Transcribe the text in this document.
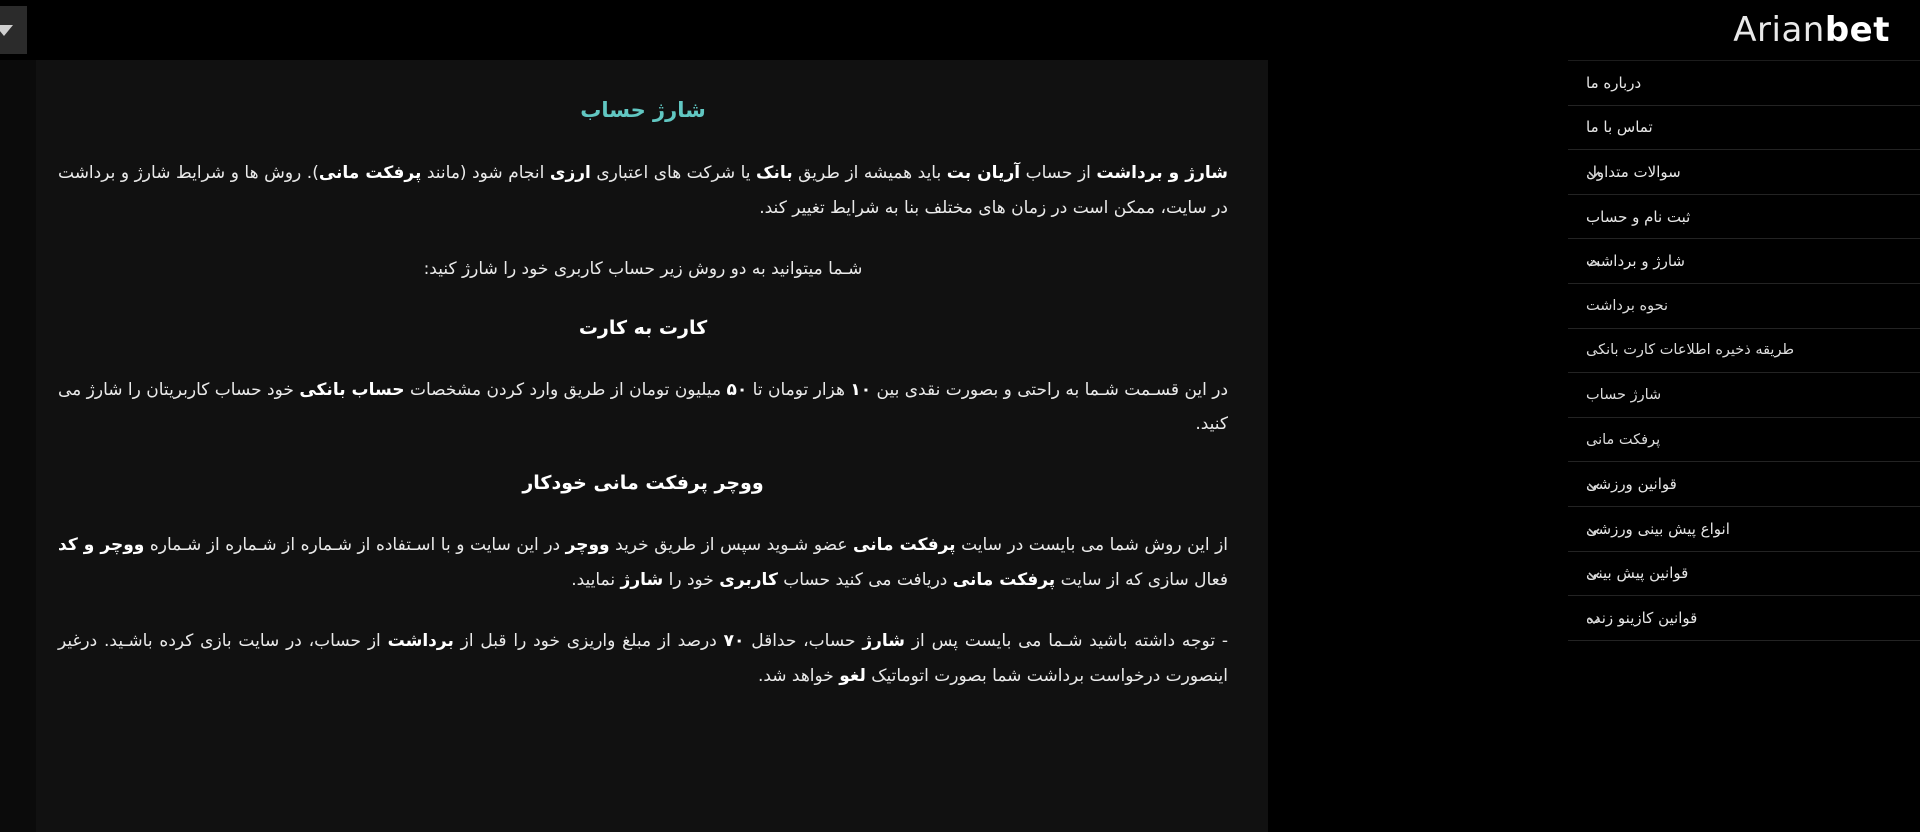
Arianbet
شارژ حساب

شارژ و برداشت از حساب آریان بت باید همیشه از طریق بانک یا شرکت های اعتباری ارزی انجام شود (مانند پرفکت مانی). روش ها و شرایط شارژ و برداشت در سایت، ممکن است در زمان های مختلف بنا به شرایط تغییر کند.

شـما میتوانید به دو روش زیر حساب کاربری خود را شارژ کنید:

کارت به کارت

در این قسـمت شـما به راحتی و بصورت نقدی بین ۱۰ هزار تومان تا ۵۰ میلیون تومان از طریق وارد کردن مشخصات حساب بانکی خود حساب کاربریتان را شارژ می کنید.

ووچر پرفکت مانی خودکار

از این روش شما می بایست در سایت پرفکت مانی عضو شـوید سپس از طریق خرید ووچر در این سایت و با اسـتفاده از شـماره از شـماره از شـماره ووچر و کد فعال سازی که از سایت پرفکت مانی دریافت می کنید حساب کاربری خود را شارژ نمایید.

- توجه داشته باشید شـما می بایست پس از شارژ حساب، حداقل ۷۰ درصد از مبلغ واریزی خود را قبل از برداشت از حساب، در سایت بازی کرده باشـید. درغیر اینصورت درخواست برداشت شما بصورت اتوماتیک لغو خواهد شد.

درباره ما
تماس با ما
سوالات متداول
ثبت نام و حساب
شارژ و برداشت
نحوه برداشت
طریقه ذخیره اطلاعات کارت بانکی
شارژ حساب
پرفکت مانی
قوانین ورزشی
انواع پیش بینی ورزشی
قوانین پیش بینی
قوانین کازینو زنده
